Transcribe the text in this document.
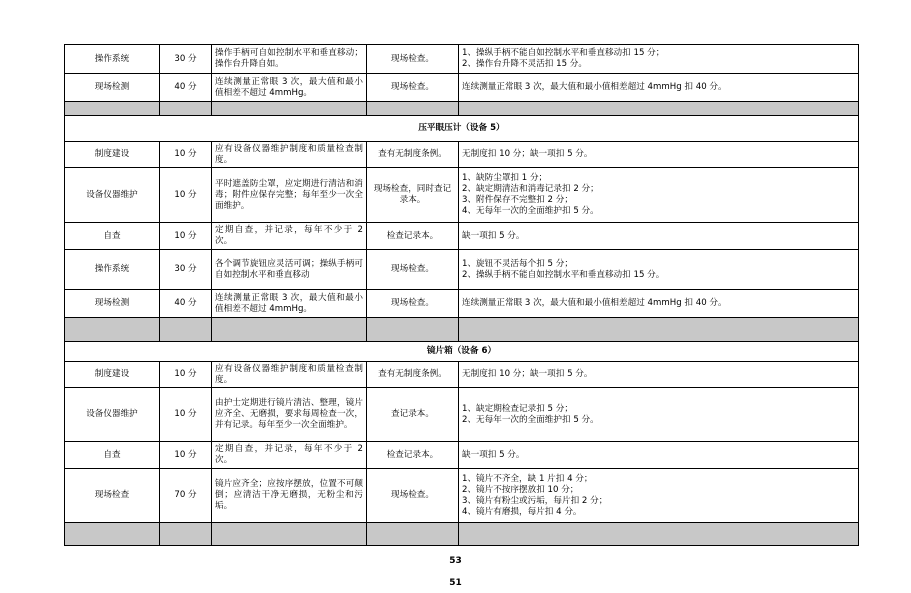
操作系统	30 分	操作手柄可自如控制水平和垂直移动；操作台升降自如。	现场检查。	1、操纵手柄不能自如控制水平和垂直移动扣 15 分；
2、操作台升降不灵活扣 15 分。

现场检测	40 分	连续测量正常眼 3 次，最大值和最小值相差不超过 4mmHg。	现场检查。	连续测量正常眼 3 次，最大值和最小值相差超过 4mmHg 扣 40 分。

压平眼压计（设备 5）				
制度建设	10 分	应有设备仪器维护制度和质量检查制度。	查有无制度条例。	无制度扣 10 分；缺一项扣 5 分。

设备仪器维护	10 分	平时遮盖防尘罩，应定期进行清洁和消毒；附件应保存完整；每年至少一次全面维护。	现场检查，同时查记录本。	1、缺防尘罩扣 1 分；
2、缺定期清洁和消毒记录扣 2 分；
3、附件保存不完整扣 2 分；
4、无每年一次的全面维护扣 5 分。

自查	10 分	定期自查，并记录，每年不少于 2 次。	检查记录本。	缺一项扣 5 分。

操作系统	30 分	各个调节旋钮应灵活可调；操纵手柄可自如控制水平和垂直移动	现场检查。	1、旋钮不灵活每个扣 5 分；
2、操纵手柄不能自如控制水平和垂直移动扣 15 分。

现场检测	40 分	连续测量正常眼 3 次，最大值和最小值相差不超过 4mmHg。	现场检查。	连续测量正常眼 3 次，最大值和最小值相差超过 4mmHg 扣 40 分。

镜片箱（设备 6）				
制度建设	10 分	应有设备仪器维护制度和质量检查制度。	查有无制度条例。	无制度扣 10 分；缺一项扣 5 分。

设备仪器维护	10 分	由护士定期进行镜片清洁、整理，镜片应齐全、无磨损，要求每周检查一次，并有记录。每年至少一次全面维护。	查记录本。	1、缺定期检查记录扣 5 分；
2、无每年一次的全面维护扣 5 分。

自查	10 分	定期自查，并记录，每年不少于 2 次。	检查记录本。	缺一项扣 5 分。

现场检查	70 分	镜片应齐全；应按序摆放，位置不可颠倒；应清洁干净无磨损，无粉尘和污垢。	现场检查。	1、镜片不齐全，缺 1 片扣 4 分；
2、镜片不按序摆放扣 10 分；
3、镜片有粉尘或污垢，每片扣 2 分；
4、镜片有磨损，每片扣 4 分。

53
51
